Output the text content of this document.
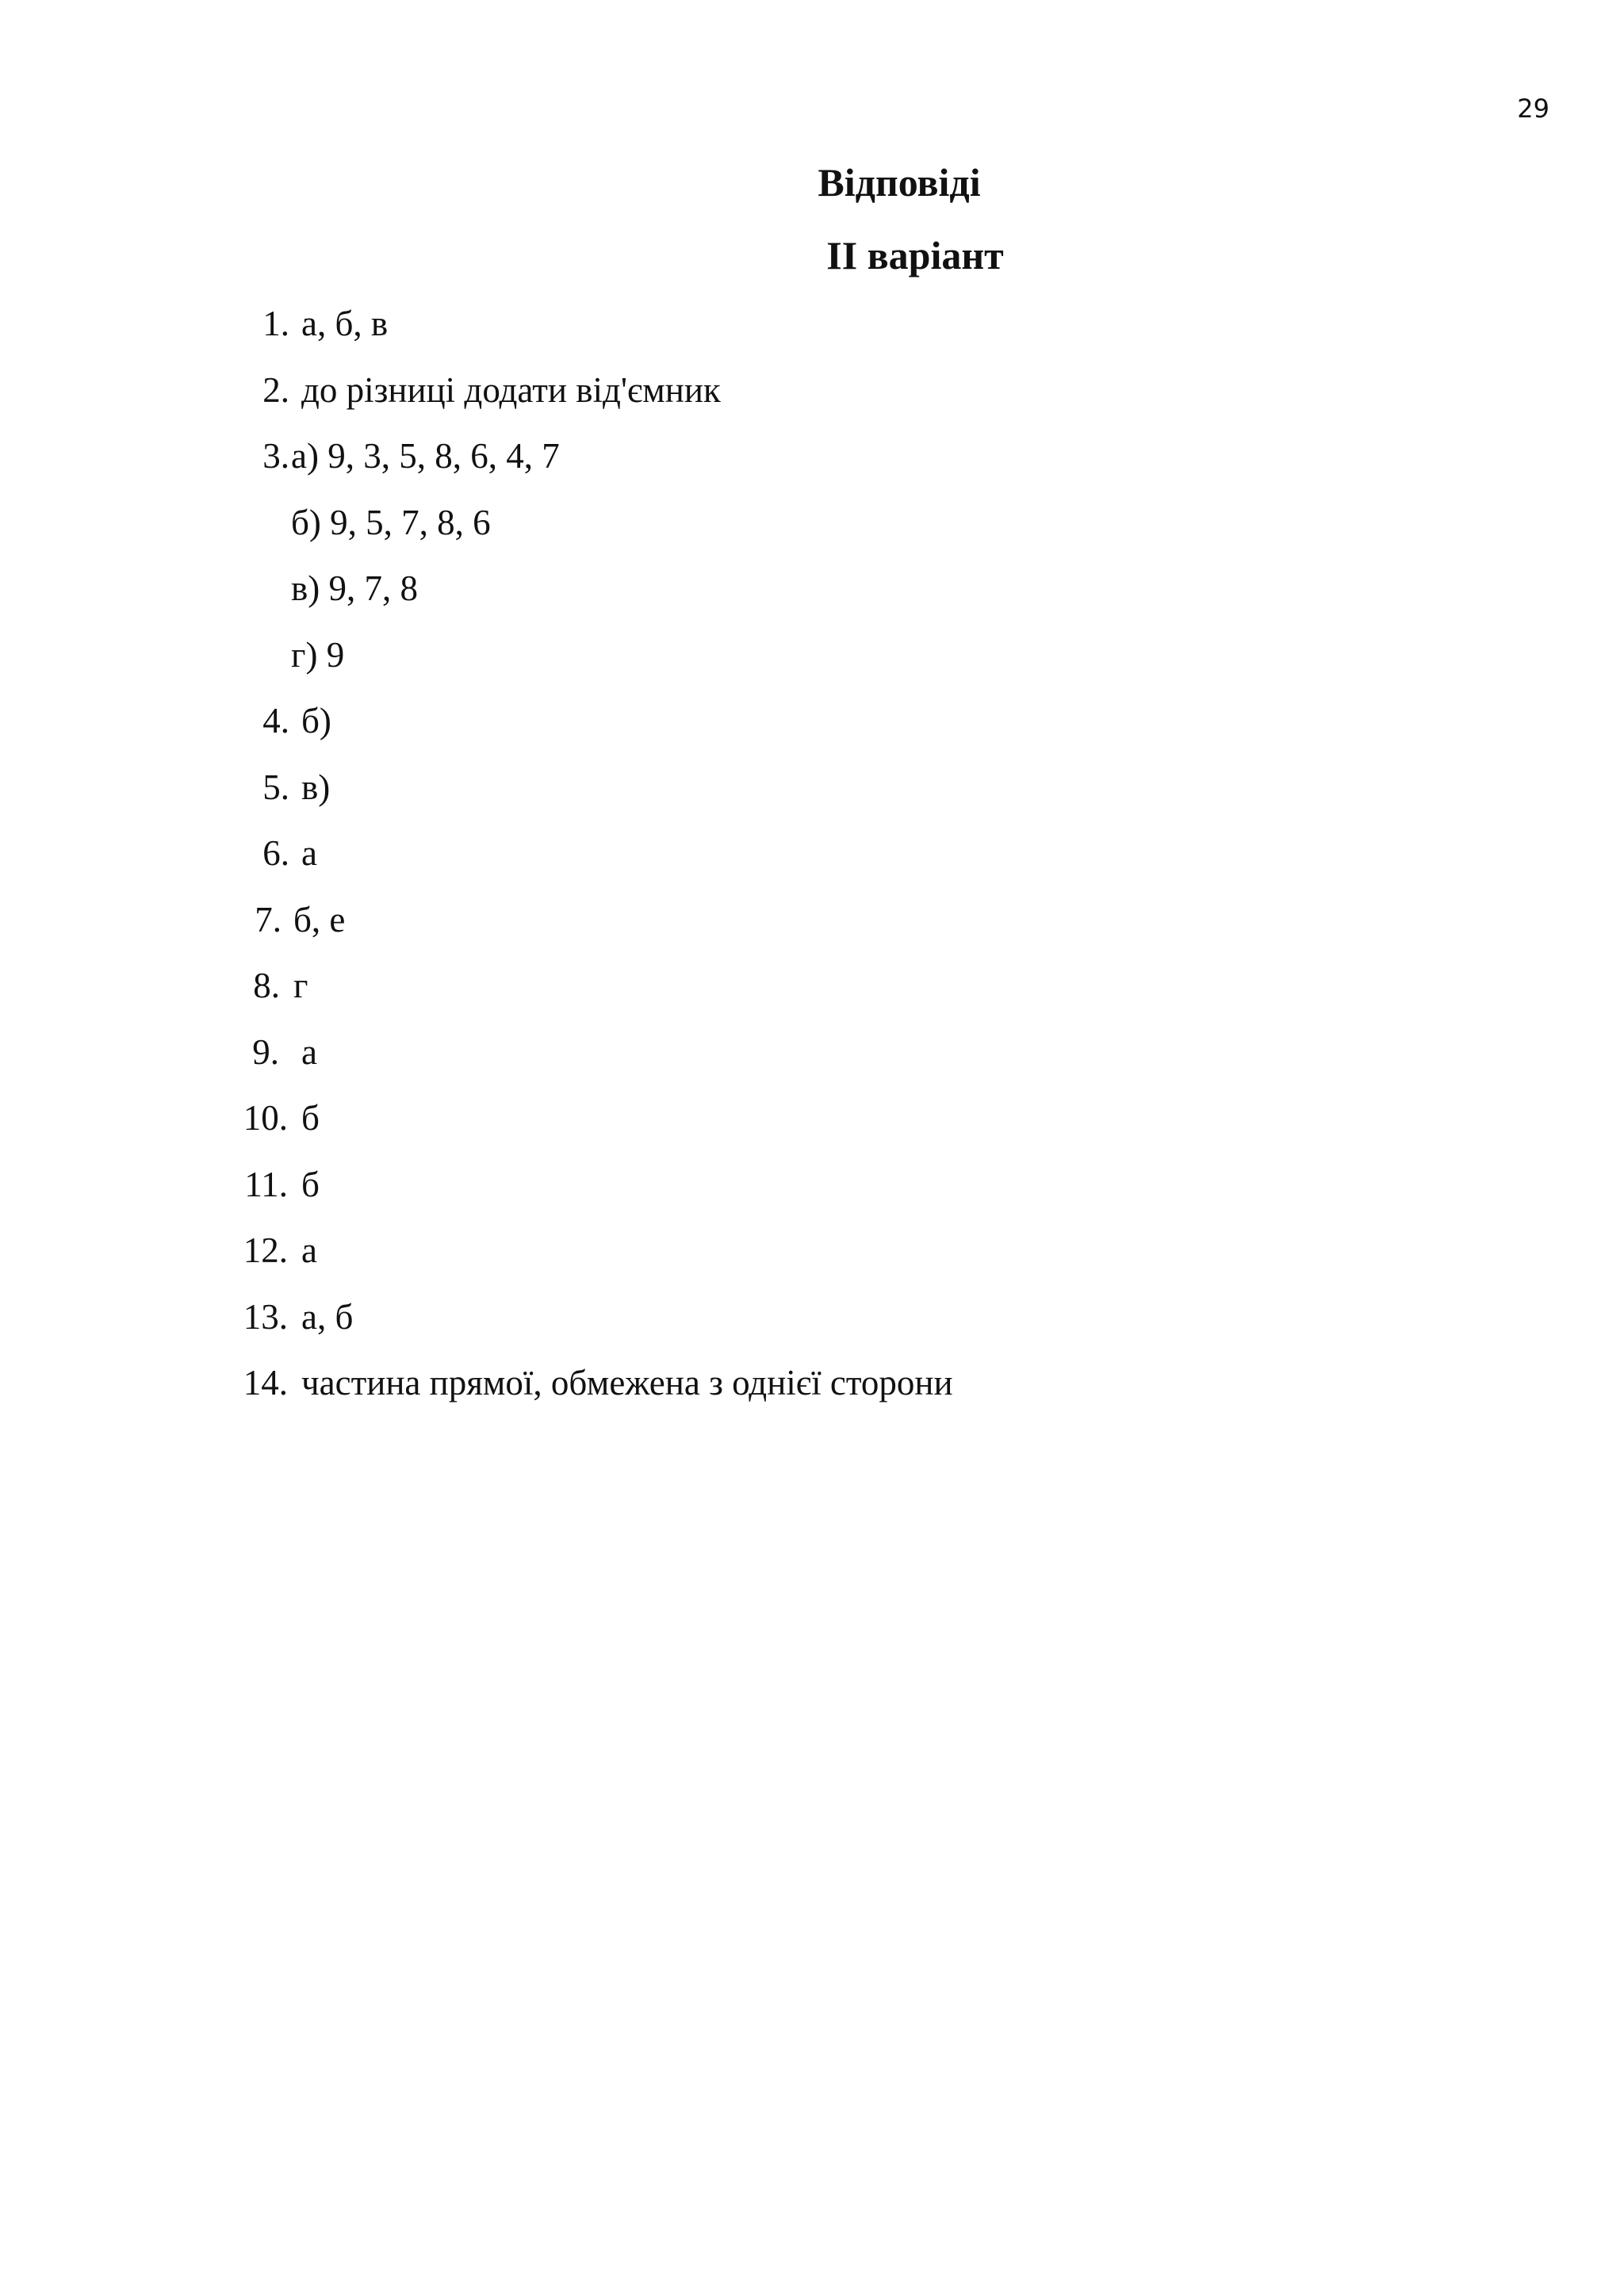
29
Відповіді
II варіант
1. а, б, в
2. до різниці додати від'ємник
3. а) 9, 3, 5, 8, 6, 4, 7
б) 9, 5, 7, 8, 6
в) 9, 7, 8
г) 9
4. б)
5. в)
6. а
7. б, е
8. г
9. а
10. б
11. б
12. а
13. а, б
14. частина прямої, обмежена з однієї сторони
